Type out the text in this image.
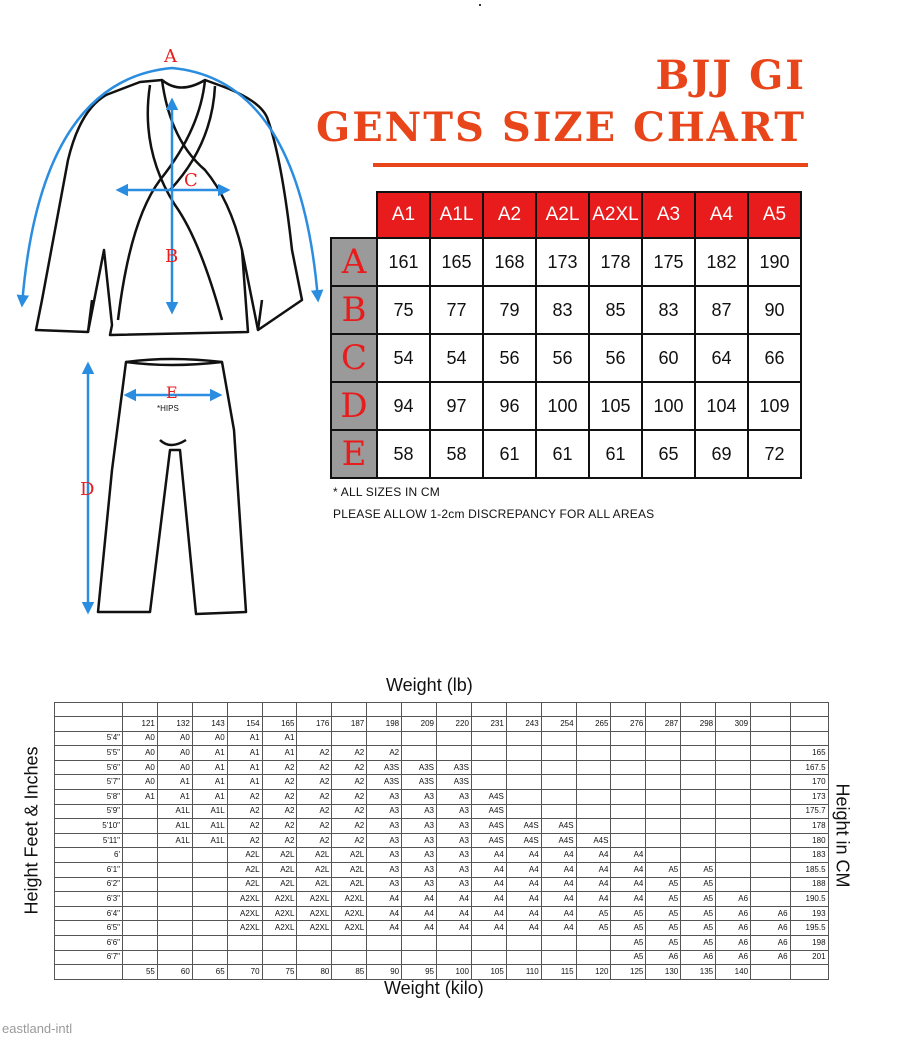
A
B
C
D
E
*HIPS
BJJ GI
GENTS SIZE CHART
	A1	A1L	A2	A2L	A2XL	A3	A4	A5
A	161	165	168	173	178	175	182	190
B	75	77	79	83	85	83	87	90
C	54	54	56	56	56	60	64	66
D	94	97	96	100	105	100	104	109
E	58	58	61	61	61	65	69	72
* ALL SIZES IN CM
PLEASE ALLOW 1-2cm DISCREPANCY FOR ALL AREAS
Weight (lb)
Weight (kilo)
Height Feet & Inches	Height in CM

	121	132	143	154	165	176	187	198	209	220	231	243	254	265	276	287	298	309		
5'4"	A0	A0	A0	A1	A1															
5'5"	A0	A0	A1	A1	A1	A2	A2	A2												165
5'6"	A0	A0	A1	A1	A2	A2	A2	A3S	A3S	A3S										167.5
5'7"	A0	A1	A1	A1	A2	A2	A2	A3S	A3S	A3S										170
5'8"	A1	A1	A1	A2	A2	A2	A2	A3	A3	A3	A4S									173
5'9"		A1L	A1L	A2	A2	A2	A2	A3	A3	A3	A4S									175.7
5'10"		A1L	A1L	A2	A2	A2	A2	A3	A3	A3	A4S	A4S	A4S							178
5'11"		A1L	A1L	A2	A2	A2	A2	A3	A3	A3	A4S	A4S	A4S	A4S						180
6'				A2L	A2L	A2L	A2L	A3	A3	A3	A4	A4	A4	A4	A4					183
6'1"				A2L	A2L	A2L	A2L	A3	A3	A3	A4	A4	A4	A4	A4	A5	A5			185.5
6'2"				A2L	A2L	A2L	A2L	A3	A3	A3	A4	A4	A4	A4	A4	A5	A5			188
6'3"				A2XL	A2XL	A2XL	A2XL	A4	A4	A4	A4	A4	A4	A4	A4	A5	A5	A6		190.5
6'4"				A2XL	A2XL	A2XL	A2XL	A4	A4	A4	A4	A4	A4	A5	A5	A5	A5	A6	A6	193
6'5"				A2XL	A2XL	A2XL	A2XL	A4	A4	A4	A4	A4	A4	A5	A5	A5	A5	A6	A6	195.5
6'6"															A5	A5	A5	A6	A6	198
6'7"															A5	A6	A6	A6	A6	201
	55	60	65	70	75	80	85	90	95	100	105	110	115	120	125	130	135	140		
eastland-intl
